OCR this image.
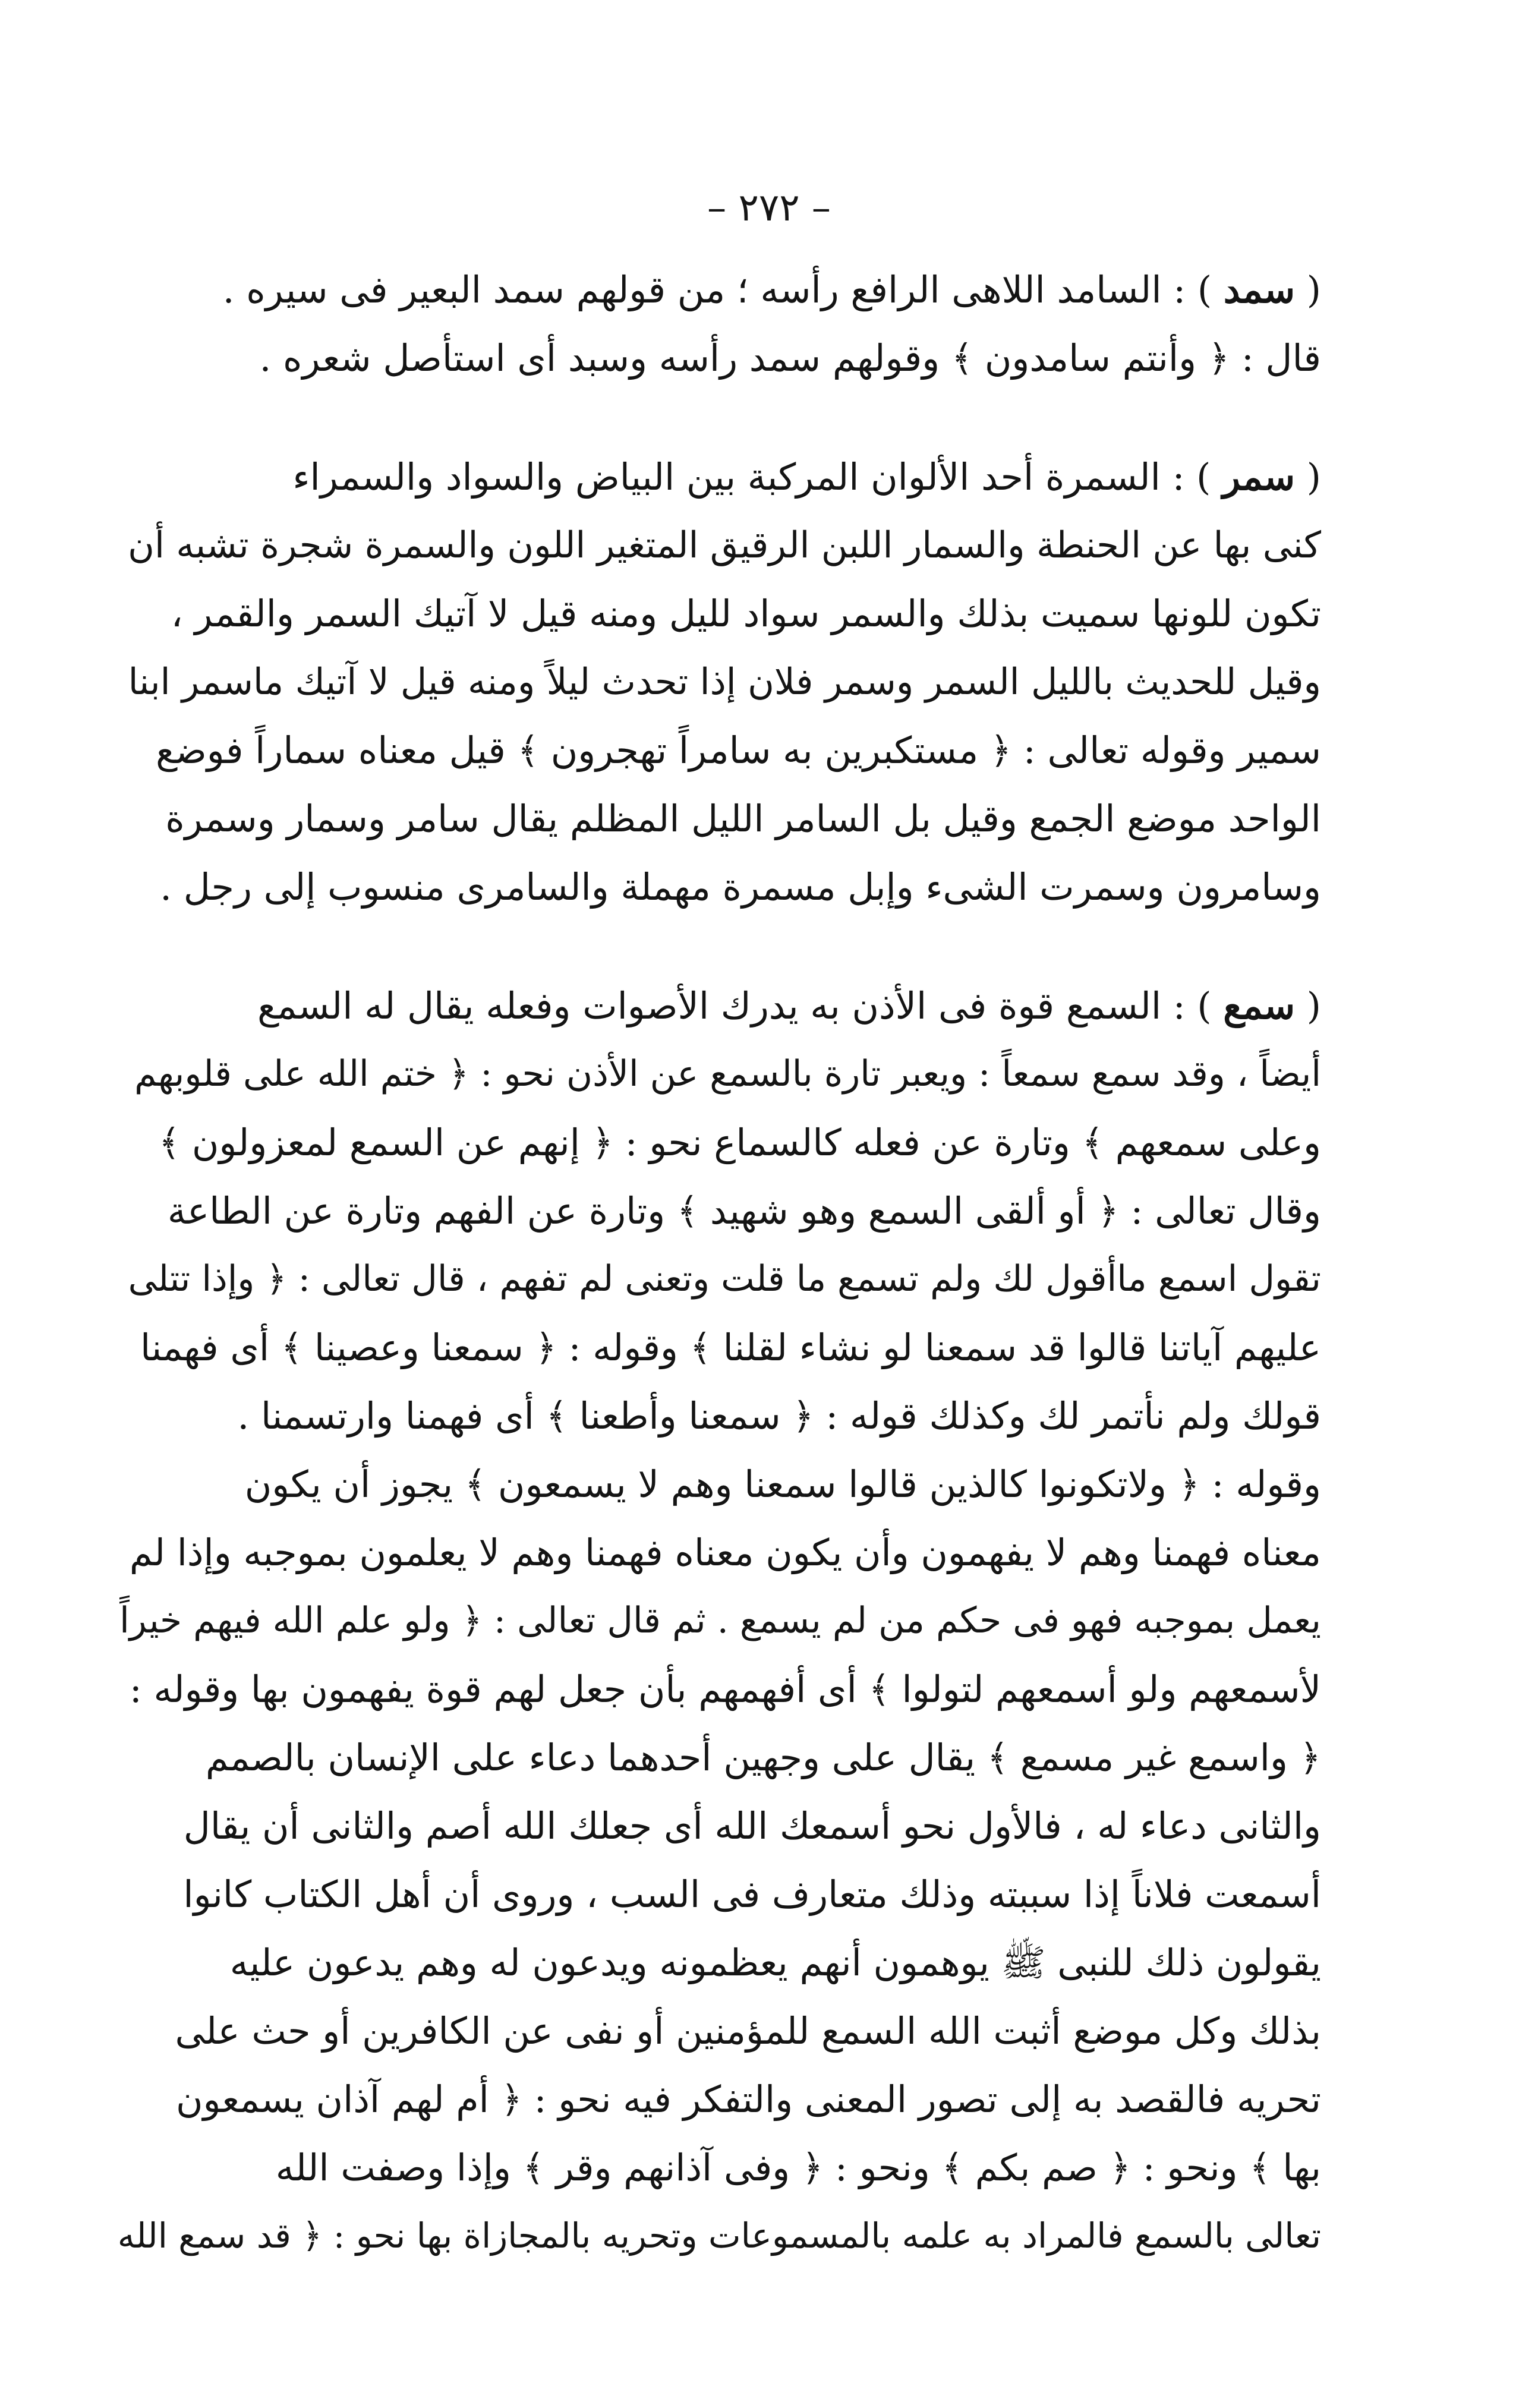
– ٢٧٢ –
( سمد ) : السامد اللاهى الرافع رأسه ؛ من قولهم سمد البعير فى سيره .
قال : ﴿ وأنتم سامدون ﴾ وقولهم سمد رأسه وسبد أى استأصل شعره .
( سمر ) : السمرة أحد الألوان المركبة بين البياض والسواد والسمراء
كنى بها عن الحنطة والسمار اللبن الرقيق المتغير اللون والسمرة شجرة تشبه أن
تكون للونها سميت بذلك والسمر سواد لليل ومنه قيل لا آتيك السمر والقمر ،
وقيل للحديث بالليل السمر وسمر فلان إذا تحدث ليلاً ومنه قيل لا آتيك ماسمر ابنا
سمير وقوله تعالى : ﴿ مستكبرين به سامراً تهجرون ﴾ قيل معناه سماراً فوضع
الواحد موضع الجمع وقيل بل السامر الليل المظلم يقال سامر وسمار وسمرة
وسامرون وسمرت الشىء وإبل مسمرة مهملة والسامرى منسوب إلى رجل .
( سمع ) : السمع قوة فى الأذن به يدرك الأصوات وفعله يقال له السمع
أيضاً ، وقد سمع سمعاً : ويعبر تارة بالسمع عن الأذن نحو : ﴿ ختم الله على قلوبهم
وعلى سمعهم ﴾ وتارة عن فعله كالسماع نحو : ﴿ إنهم عن السمع لمعزولون ﴾
وقال تعالى : ﴿ أو ألقى السمع وهو شهيد ﴾ وتارة عن الفهم وتارة عن الطاعة
تقول اسمع ماأقول لك ولم تسمع ما قلت وتعنى لم تفهم ، قال تعالى : ﴿ وإذا تتلى
عليهم آياتنا قالوا قد سمعنا لو نشاء لقلنا ﴾ وقوله : ﴿ سمعنا وعصينا ﴾ أى فهمنا
قولك ولم نأتمر لك وكذلك قوله : ﴿ سمعنا وأطعنا ﴾ أى فهمنا وارتسمنا .
وقوله : ﴿ ولاتكونوا كالذين قالوا سمعنا وهم لا يسمعون ﴾ يجوز أن يكون
معناه فهمنا وهم لا يفهمون وأن يكون معناه فهمنا وهم لا يعلمون بموجبه وإذا لم
يعمل بموجبه فهو فى حكم من لم يسمع . ثم قال تعالى : ﴿ ولو علم الله فيهم خيراً
لأسمعهم ولو أسمعهم لتولوا ﴾ أى أفهمهم بأن جعل لهم قوة يفهمون بها وقوله :
﴿ واسمع غير مسمع ﴾ يقال على وجهين أحدهما دعاء على الإنسان بالصمم
والثانى دعاء له ، فالأول نحو أسمعك الله أى جعلك الله أصم والثانى أن يقال
أسمعت فلاناً إذا سببته وذلك متعارف فى السب ، وروى أن أهل الكتاب كانوا
يقولون ذلك للنبى ﷺ يوهمون أنهم يعظمونه ويدعون له وهم يدعون عليه
بذلك وكل موضع أثبت الله السمع للمؤمنين أو نفى عن الكافرين أو حث على
تحريه فالقصد به إلى تصور المعنى والتفكر فيه نحو : ﴿ أم لهم آذان يسمعون
بها ﴾ ونحو : ﴿ صم بكم ﴾ ونحو : ﴿ وفى آذانهم وقر ﴾ وإذا وصفت الله
تعالى بالسمع فالمراد به علمه بالمسموعات وتحريه بالمجازاة بها نحو : ﴿ قد سمع الله
